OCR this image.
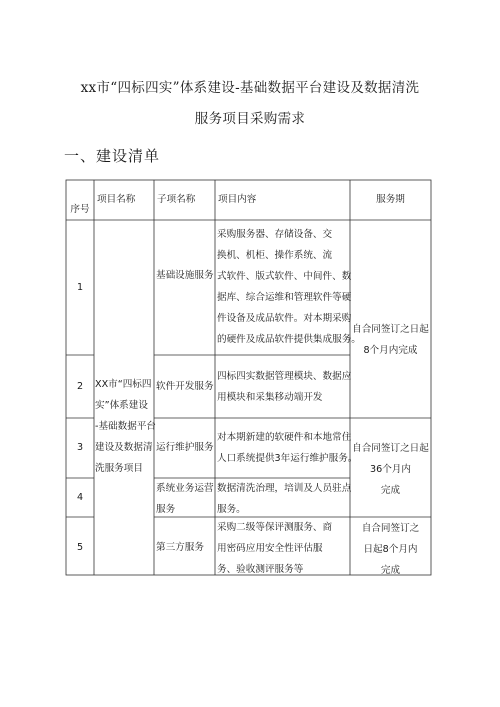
xx市“四标四实”体系建设-基础数据平台建设及数据清洗
服务项目采购需求
一、建设清单
序号
项目名称 子项名称 项目内容	服务期
1
2
3
4
5
XX市“四标四
实”体系建设
-基础数据平台
建设及数据清
洗服务项目
基础设施服务
软件开发服务
运行维护服务
系统业务运营
服务
第三方服务
采购服务器、存储设备、交
换机、机柜、操作系统、流
式软件、版式软件、中间件、数
据库、综合运维和管理软件等硬
件设备及成品软件。对本期采购
的硬件及成品软件提供集成服务。
四标四实数据管理模块、数据应
用模块和采集移动端开发
对本期新建的软硬件和本地常住
人口系统提供3年运行维护服务。
数据清洗治理，培训及人员驻点
服务。
采购二级等保评测服务、商
用密码应用安全性评估服
务、验收测评服务等
自合同签订之日起
8个月内完成
自合同签订之日起
36个月内
完成
自合同签订之
日起8个月内
完成
